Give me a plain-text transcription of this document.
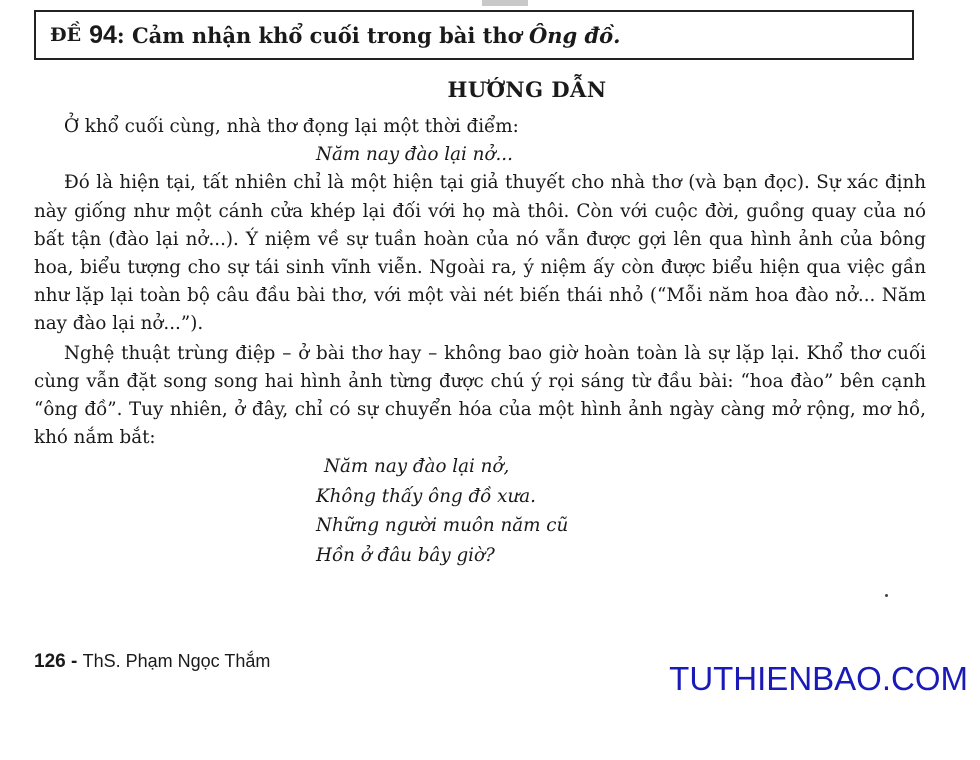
ĐỀ 94 : Cảm nhận khổ cuối trong bài thơ Ông đồ.
HƯỚNG DẪN

Ở khổ cuối cùng, nhà thơ đọng lại một thời điểm:

Năm nay đào lại nở...

Đó là hiện tại, tất nhiên chỉ là một hiện tại giả thuyết cho nhà thơ (và bạn đọc). Sự xác định này giống như một cánh cửa khép lại đối với họ mà thôi. Còn với cuộc đời, guồng quay của nó bất tận (đào lại nở...). Ý niệm về sự tuần hoàn của nó vẫn được gợi lên qua hình ảnh của bông hoa, biểu tượng cho sự tái sinh vĩnh viễn. Ngoài ra, ý niệm ấy còn được biểu hiện qua việc gần như lặp lại toàn bộ câu đầu bài thơ, với một vài nét biến thái nhỏ (“Mỗi năm hoa đào nở... Năm nay đào lại nở...”).

Nghệ thuật trùng điệp – ở bài thơ hay – không bao giờ hoàn toàn là sự lặp lại. Khổ thơ cuối cùng vẫn đặt song song hai hình ảnh từng được chú ý rọi sáng từ đầu bài: “hoa đào” bên cạnh “ông đồ”. Tuy nhiên, ở đây, chỉ có sự chuyển hóa của một hình ảnh ngày càng mở rộng, mơ hồ, khó nắm bắt:

Năm nay đào lại nở,
Không thấy ông đồ xưa.
Những người muôn năm cũ
Hồn ở đâu bây giờ?
126 - ThS. Phạm Ngọc Thắm	TUTHIENBAO.COM
